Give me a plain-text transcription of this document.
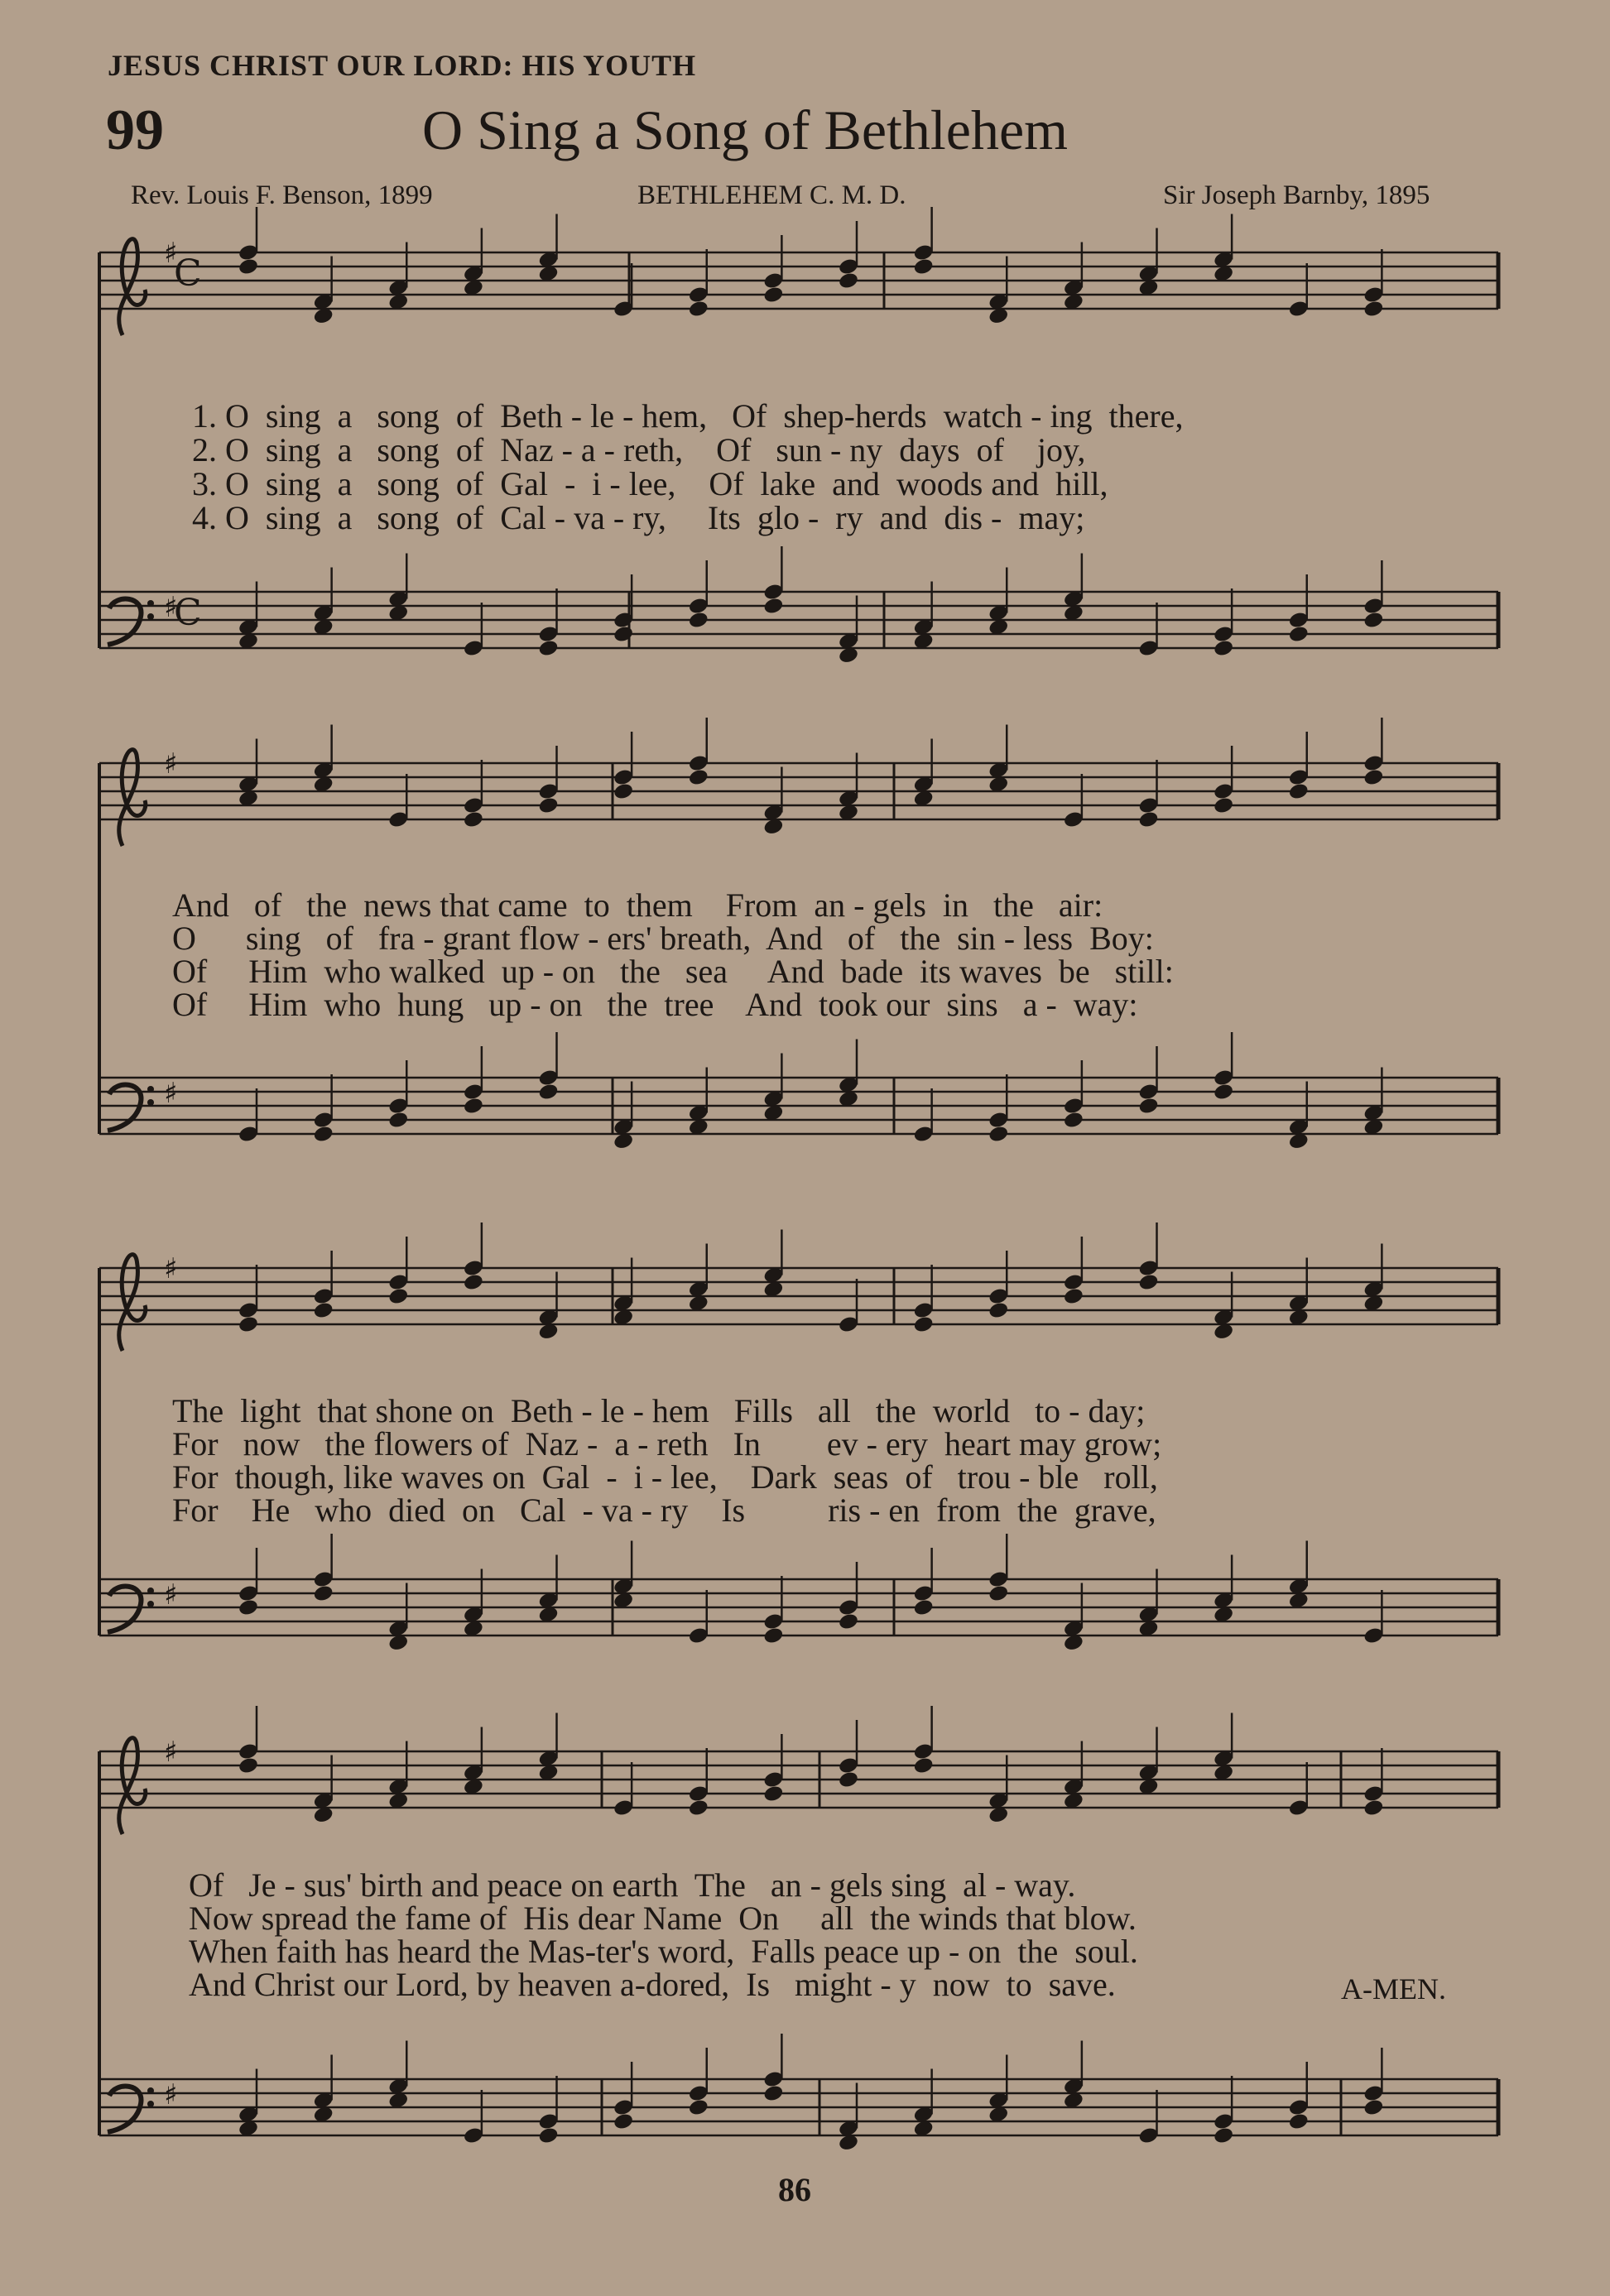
JESUS CHRIST OUR LORD: HIS YOUTH
99	O Sing a Song of Bethlehem
Rev. Louis F. Benson, 1899	BETHLEHEM C. M. D.	Sir Joseph Barnby, 1895
♯
♯
♯
♯
♯
♯
♯
♯
C
C
1. O  sing  a   song  of  Beth - le - hem,   Of  shep-herds  watch - ing  there,
2. O  sing  a   song  of  Naz - a - reth,    Of   sun - ny  days  of    joy,
3. O  sing  a   song  of  Gal  -  i - lee,    Of  lake  and  woods and  hill,
4. O  sing  a   song  of  Cal - va - ry,     Its  glo -  ry  and  dis -  may;
And   of   the  news that came  to  them    From  an - gels  in   the   air:
O      sing   of   fra - grant flow - ers' breath,  And   of   the  sin - less  Boy:
Of     Him  who walked  up - on   the   sea     And  bade  its waves  be   still:
Of     Him  who  hung   up - on   the  tree    And  took our  sins   a -  way:
The  light  that shone on  Beth - le - hem   Fills   all   the  world   to - day;
For   now   the flowers of  Naz -  a - reth   In        ev - ery  heart may grow;
For  though, like waves on  Gal  -  i - lee,    Dark  seas  of   trou - ble   roll,
For    He   who  died  on   Cal  - va - ry    Is          ris - en  from  the  grave,
Of   Je - sus' birth and peace on earth  The   an - gels sing  al - way.
Now spread the fame of  His dear Name  On     all  the winds that blow.
When faith has heard the Mas-ter's word,  Falls peace up - on  the  soul.
And Christ our Lord, by heaven a-dored,  Is   might - y  now  to  save.	A-MEN.
86
